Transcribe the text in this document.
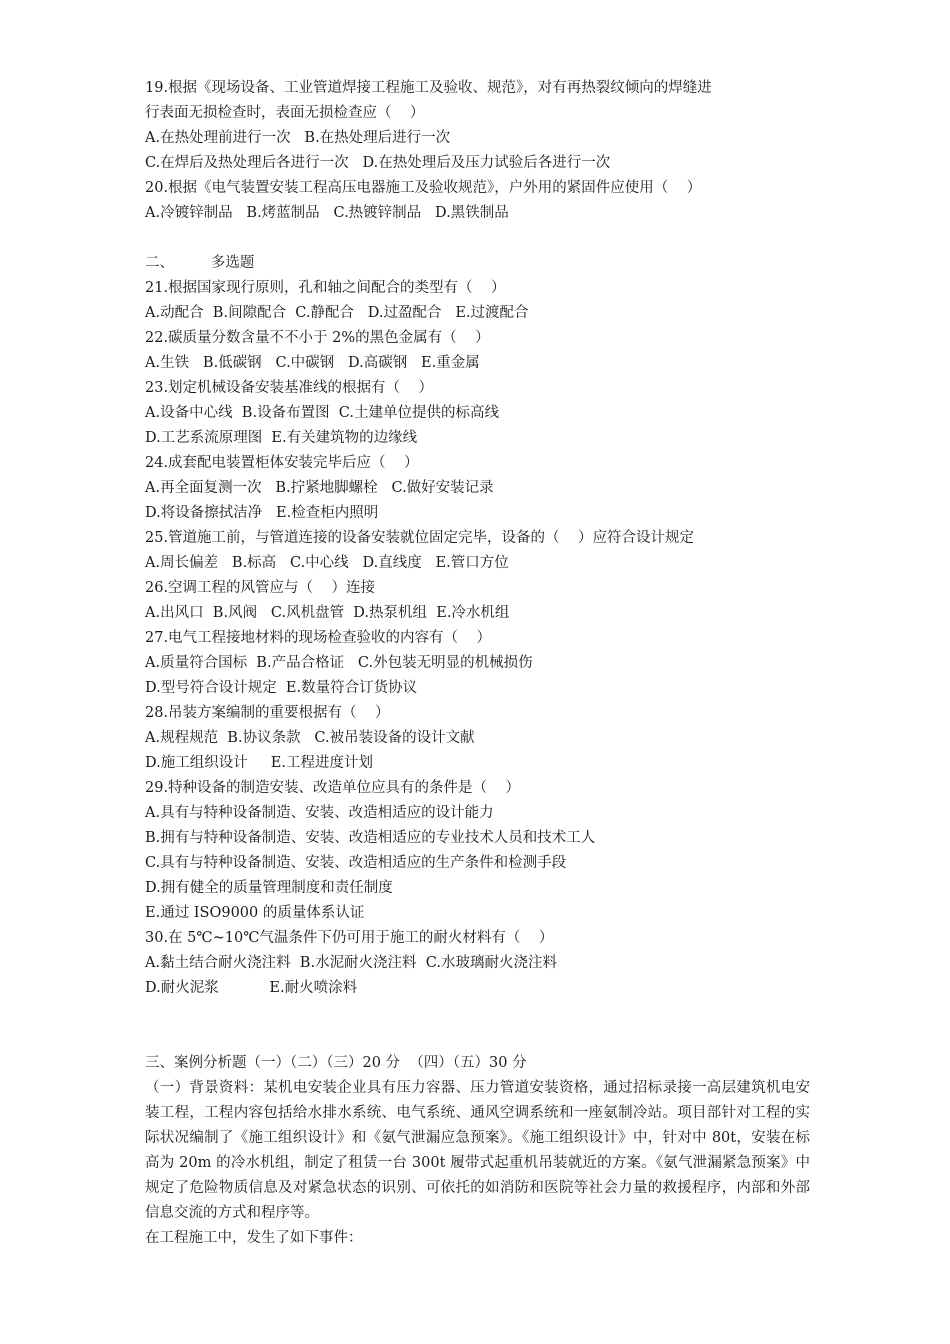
19.根据《现场设备、工业管道焊接工程施工及验收、规范》，对有再热裂纹倾向的焊缝进
行表面无损检查时，表面无损检查应（    ）
A.在热处理前进行一次   B.在热处理后进行一次
C.在焊后及热处理后各进行一次   D.在热处理后及压力试验后各进行一次
20.根据《电气装置安装工程高压电器施工及验收规范》，户外用的紧固件应使用（    ）
A.冷镀锌制品   B.烤蓝制品   C.热镀锌制品   D.黑铁制品
二、        多选题
21.根据国家现行原则，孔和轴之间配合的类型有（    ）
A.动配合  B.间隙配合  C.静配合   D.过盈配合   E.过渡配合
22.碳质量分数含量不不小于 2%的黑色金属有（    ）
A.生铁   B.低碳钢   C.中碳钢   D.高碳钢   E.重金属
23.划定机械设备安装基准线的根据有（    ）
A.设备中心线  B.设备布置图  C.土建单位提供的标高线
D.工艺系流原理图  E.有关建筑物的边缘线
24.成套配电装置柜体安装完毕后应（    ）
A.再全面复测一次   B.拧紧地脚螺栓   C.做好安装记录
D.将设备擦拭洁净   E.检查柜内照明
25.管道施工前，与管道连接的设备安装就位固定完毕，设备的（    ）应符合设计规定
A.周长偏差   B.标高   C.中心线   D.直线度   E.管口方位
26.空调工程的风管应与（    ）连接
A.出风口  B.风阀   C.风机盘管  D.热泵机组  E.冷水机组
27.电气工程接地材料的现场检查验收的内容有（    ）
A.质量符合国标  B.产品合格证   C.外包装无明显的机械损伤
D.型号符合设计规定  E.数量符合订货协议
28.吊装方案编制的重要根据有（    ）
A.规程规范  B.协议条款   C.被吊装设备的设计文献
D.施工组织设计     E.工程进度计划
29.特种设备的制造安装、改造单位应具有的条件是（    ）
A.具有与特种设备制造、安装、改造相适应的设计能力
B.拥有与特种设备制造、安装、改造相适应的专业技术人员和技术工人
C.具有与特种设备制造、安装、改造相适应的生产条件和检测手段
D.拥有健全的质量管理制度和责任制度
E.通过 ISO9000 的质量体系认证
30.在 5℃~10℃气温条件下仍可用于施工的耐火材料有（    ）
A.黏土结合耐火浇注料  B.水泥耐火浇注料  C.水玻璃耐火浇注料
D.耐火泥浆           E.耐火喷涂料
三、案例分析题（一）（二）（三）20 分  （四）（五）30 分
（一）背景资料：某机电安装企业具有压力容器、压力管道安装资格，通过招标录接一高层建筑机电安装工程，工程内容包括给水排水系统、电气系统、通风空调系统和一座氨制冷站。项目部针对工程的实际状况编制了《施工组织设计》和《氨气泄漏应急预案》。《施工组织设计》中，针对中 80t，安装在标高为 20m 的冷水机组，制定了租赁一台 300t 履带式起重机吊装就近的方案。《氨气泄漏紧急预案》中规定了危险物质信息及对紧急状态的识别、可依托的如消防和医院等社会力量的救援程序，内部和外部信息交流的方式和程序等。
在工程施工中，发生了如下事件：
